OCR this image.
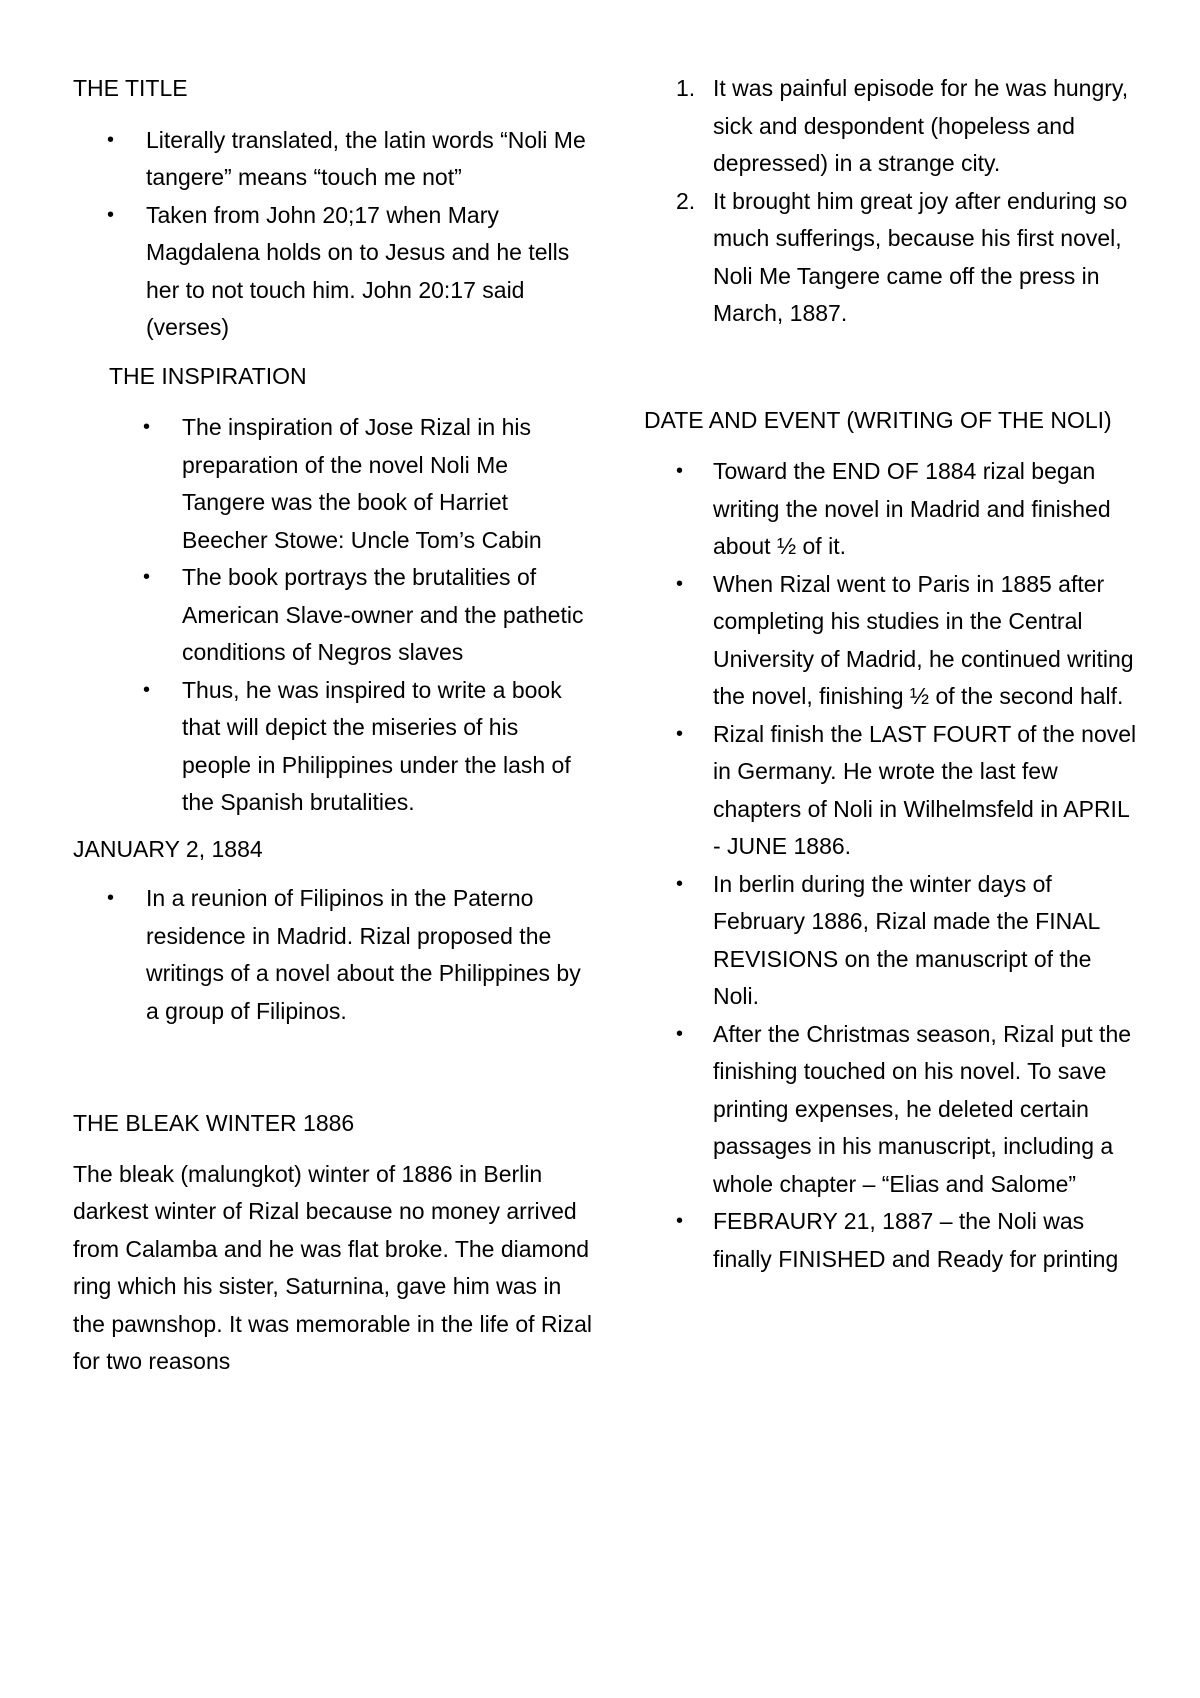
THE TITLE
• Literally translated, the latin words “Noli Me tangere” means “touch me not”
• Taken from John 20;17 when Mary Magdalena holds on to Jesus and he tells her to not touch him. John 20:17 said (verses)
THE INSPIRATION
• The inspiration of Jose Rizal in his preparation of the novel Noli Me Tangere was the book of Harriet Beecher Stowe: Uncle Tom’s Cabin
• The book portrays the brutalities of American Slave-owner and the pathetic conditions of Negros slaves
• Thus, he was inspired to write a book that will depict the miseries of his people in Philippines under the lash of the Spanish brutalities.
JANUARY 2, 1884
• In a reunion of Filipinos in the Paterno residence in Madrid. Rizal proposed the writings of a novel about the Philippines by a group of Filipinos.
THE BLEAK WINTER 1886

The bleak (malungkot) winter of 1886 in Berlin darkest winter of Rizal because no money arrived from Calamba and he was flat broke. The diamond ring which his sister, Saturnina, gave him was in the pawnshop. It was memorable in the life of Rizal for two reasons

1. It was painful episode for he was hungry, sick and despondent (hopeless and depressed) in a strange city.
2. It brought him great joy after enduring so much sufferings, because his first novel, Noli Me Tangere came off the press in March, 1887.
DATE AND EVENT (WRITING OF THE NOLI)
• Toward the END OF 1884 rizal began writing the novel in Madrid and finished about ½ of it.
• When Rizal went to Paris in 1885 after completing his studies in the Central University of Madrid, he continued writing the novel, finishing ½ of the second half.
• Rizal finish the LAST FOURT of the novel in Germany. He wrote the last few chapters of Noli in Wilhelmsfeld in APRIL - JUNE 1886.
• In berlin during the winter days of February 1886, Rizal made the FINAL REVISIONS on the manuscript of the Noli.
• After the Christmas season, Rizal put the finishing touched on his novel. To save printing expenses, he deleted certain passages in his manuscript, including a whole chapter – “Elias and Salome”
• FEBRAURY 21, 1887 – the Noli was finally FINISHED and Ready for printing
